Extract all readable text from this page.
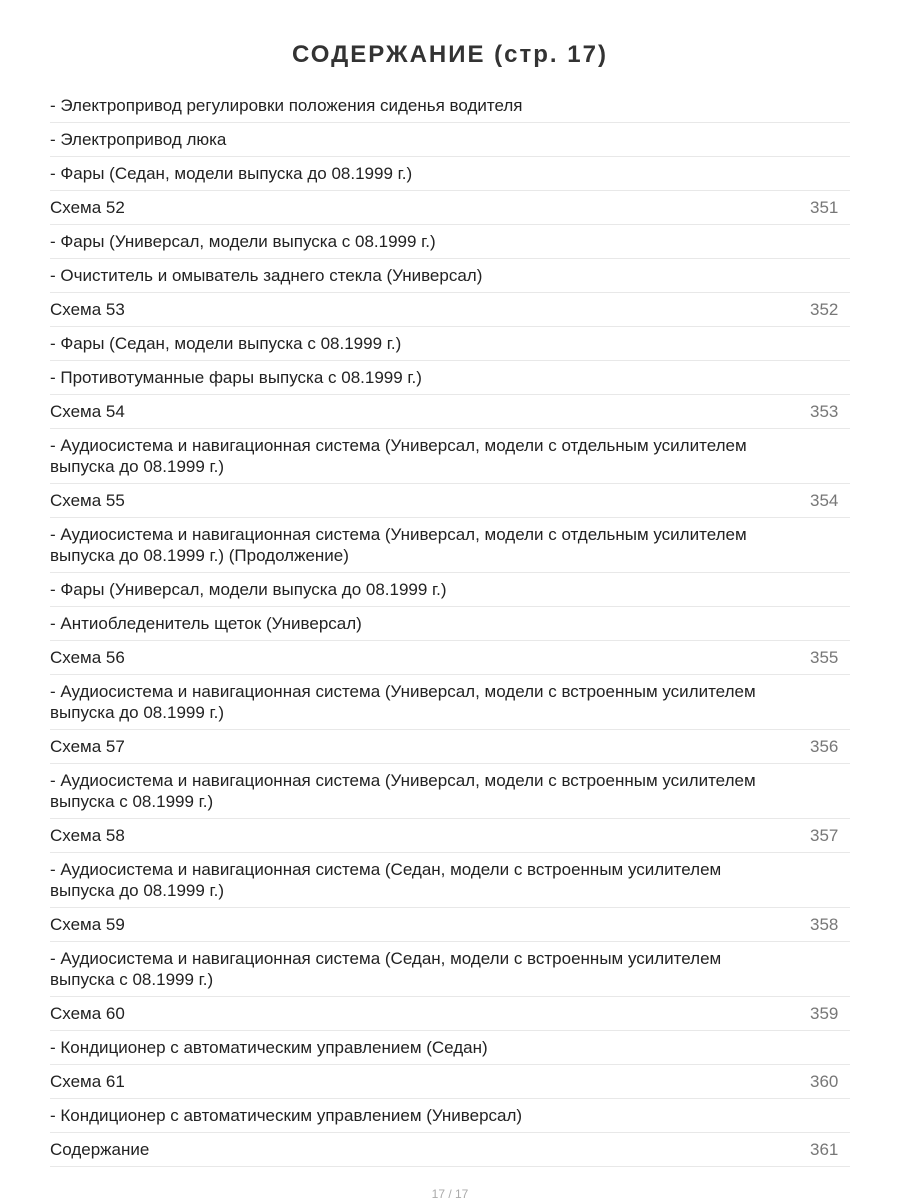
СОДЕРЖАНИЕ (стр. 17)
- Электропривод регулировки положения сиденья водителя
- Электропривод люка
- Фары (Седан, модели выпуска до 08.1999 г.)
Схема 52	351
- Фары (Универсал, модели выпуска с 08.1999 г.)
- Очиститель и омыватель заднего стекла (Универсал)
Схема 53	352
- Фары (Седан, модели выпуска с 08.1999 г.)
- Противотуманные фары выпуска с 08.1999 г.)
Схема 54	353
- Аудиосистема и навигационная система (Универсал, модели с отдельным усилителем выпуска до 08.1999 г.)
Схема 55	354
- Аудиосистема и навигационная система (Универсал, модели с отдельным усилителем выпуска до 08.1999 г.) (Продолжение)
- Фары (Универсал, модели выпуска до 08.1999 г.)
- Антиобледенитель щеток (Универсал)
Схема 56	355
- Аудиосистема и навигационная система (Универсал, модели с встроенным усилителем выпуска до 08.1999 г.)
Схема 57	356
- Аудиосистема и навигационная система (Универсал, модели с встроенным усилителем выпуска с 08.1999 г.)
Схема 58	357
- Аудиосистема и навигационная система (Седан, модели с встроенным усилителем выпуска до 08.1999 г.)
Схема 59	358
- Аудиосистема и навигационная система (Седан, модели с встроенным усилителем выпуска с 08.1999 г.)
Схема 60	359
- Кондиционер с автоматическим управлением (Седан)
Схема 61	360
- Кондиционер с автоматическим управлением (Универсал)
Содержание	361
17 / 17
